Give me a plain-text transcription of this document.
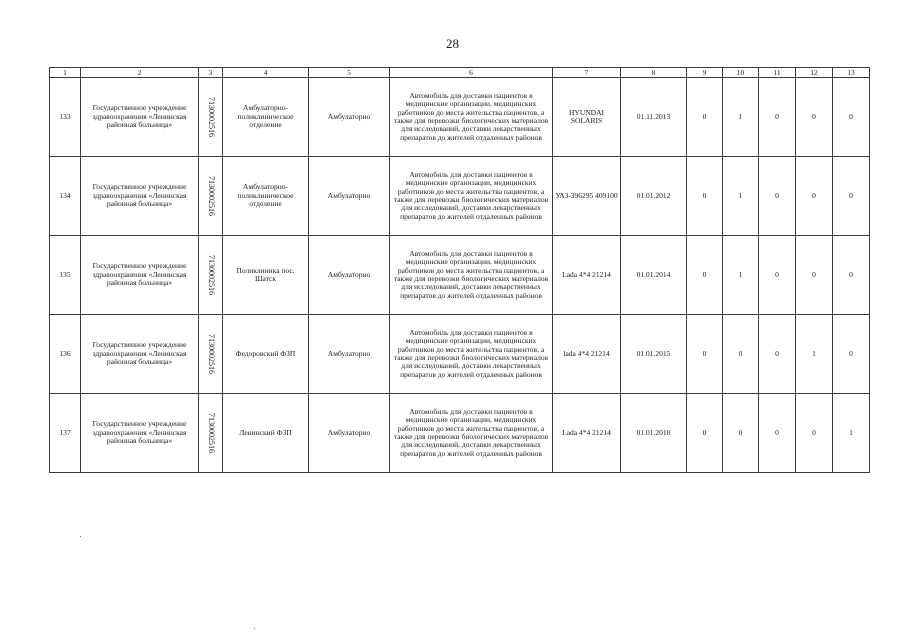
28
1	2	3	4	5	6	7	8	9	10	11	12	13
133	Государственное учреждение здравоохранения «Ленинская районная больница»	7130002516	Амбулаторно-поликлиническое отделение	Амбулаторно	Автомобиль для доставки пациентов в медицинские организации, медицинских работников до места жительства пациентов, а также для перевозки биологических материалов для исследований, доставки лекарственных препаратов до жителей отдаленных районов	HYUNDAI SOLARIS	01.11.2013	0	1	0	0	0
134	Государственное учреждение здравоохранения «Ленинская районная больница»	7130002516	Амбулаторно-поликлиническое отделение	Амбулаторно	Автомобиль для доставки пациентов в медицинские организации, медицинских работников до места жительства пациентов, а также для перевозки биологических материалов для исследований, доставки лекарственных препаратов до жителей отдаленных районов	УАЗ-396295 409100	01.01.2012	0	1	0	0	0
135	Государственное учреждение здравоохранения «Ленинская районная больница»	7130002516	Поликлиника пос. Шатск	Амбулаторно	Автомобиль для доставки пациентов в медицинские организации, медицинских работников до места жительства пациентов, а также для перевозки биологических материалов для исследований, доставки лекарственных препаратов до жителей отдаленных районов	Lada 4*4 21214	01.01.2014	0	1	0	0	0
136	Государственное учреждение здравоохранения «Ленинская районная больница»	7130002516	Федоровский ФЗП	Амбулаторно	Автомобиль для доставки пациентов в медицинские организации, медицинских работников до места жительства пациентов, а также для перевозки биологических материалов для исследований, доставки лекарственных препаратов до жителей отдаленных районов	lada 4*4 21214	01.01.2015	0	0	0	1	0
137	Государственное учреждение здравоохранения «Ленинская районная больница»	7130002516	Ленинский ФЗП	Амбулаторно	Автомобиль для доставки пациентов в медицинские организации, медицинских работников до места жительства пациентов, а также для перевозки биологических материалов для исследований, доставки лекарственных препаратов до жителей отдаленных районов	Lada 4*4 21214	01.01.2018	0	0	0	0	1
